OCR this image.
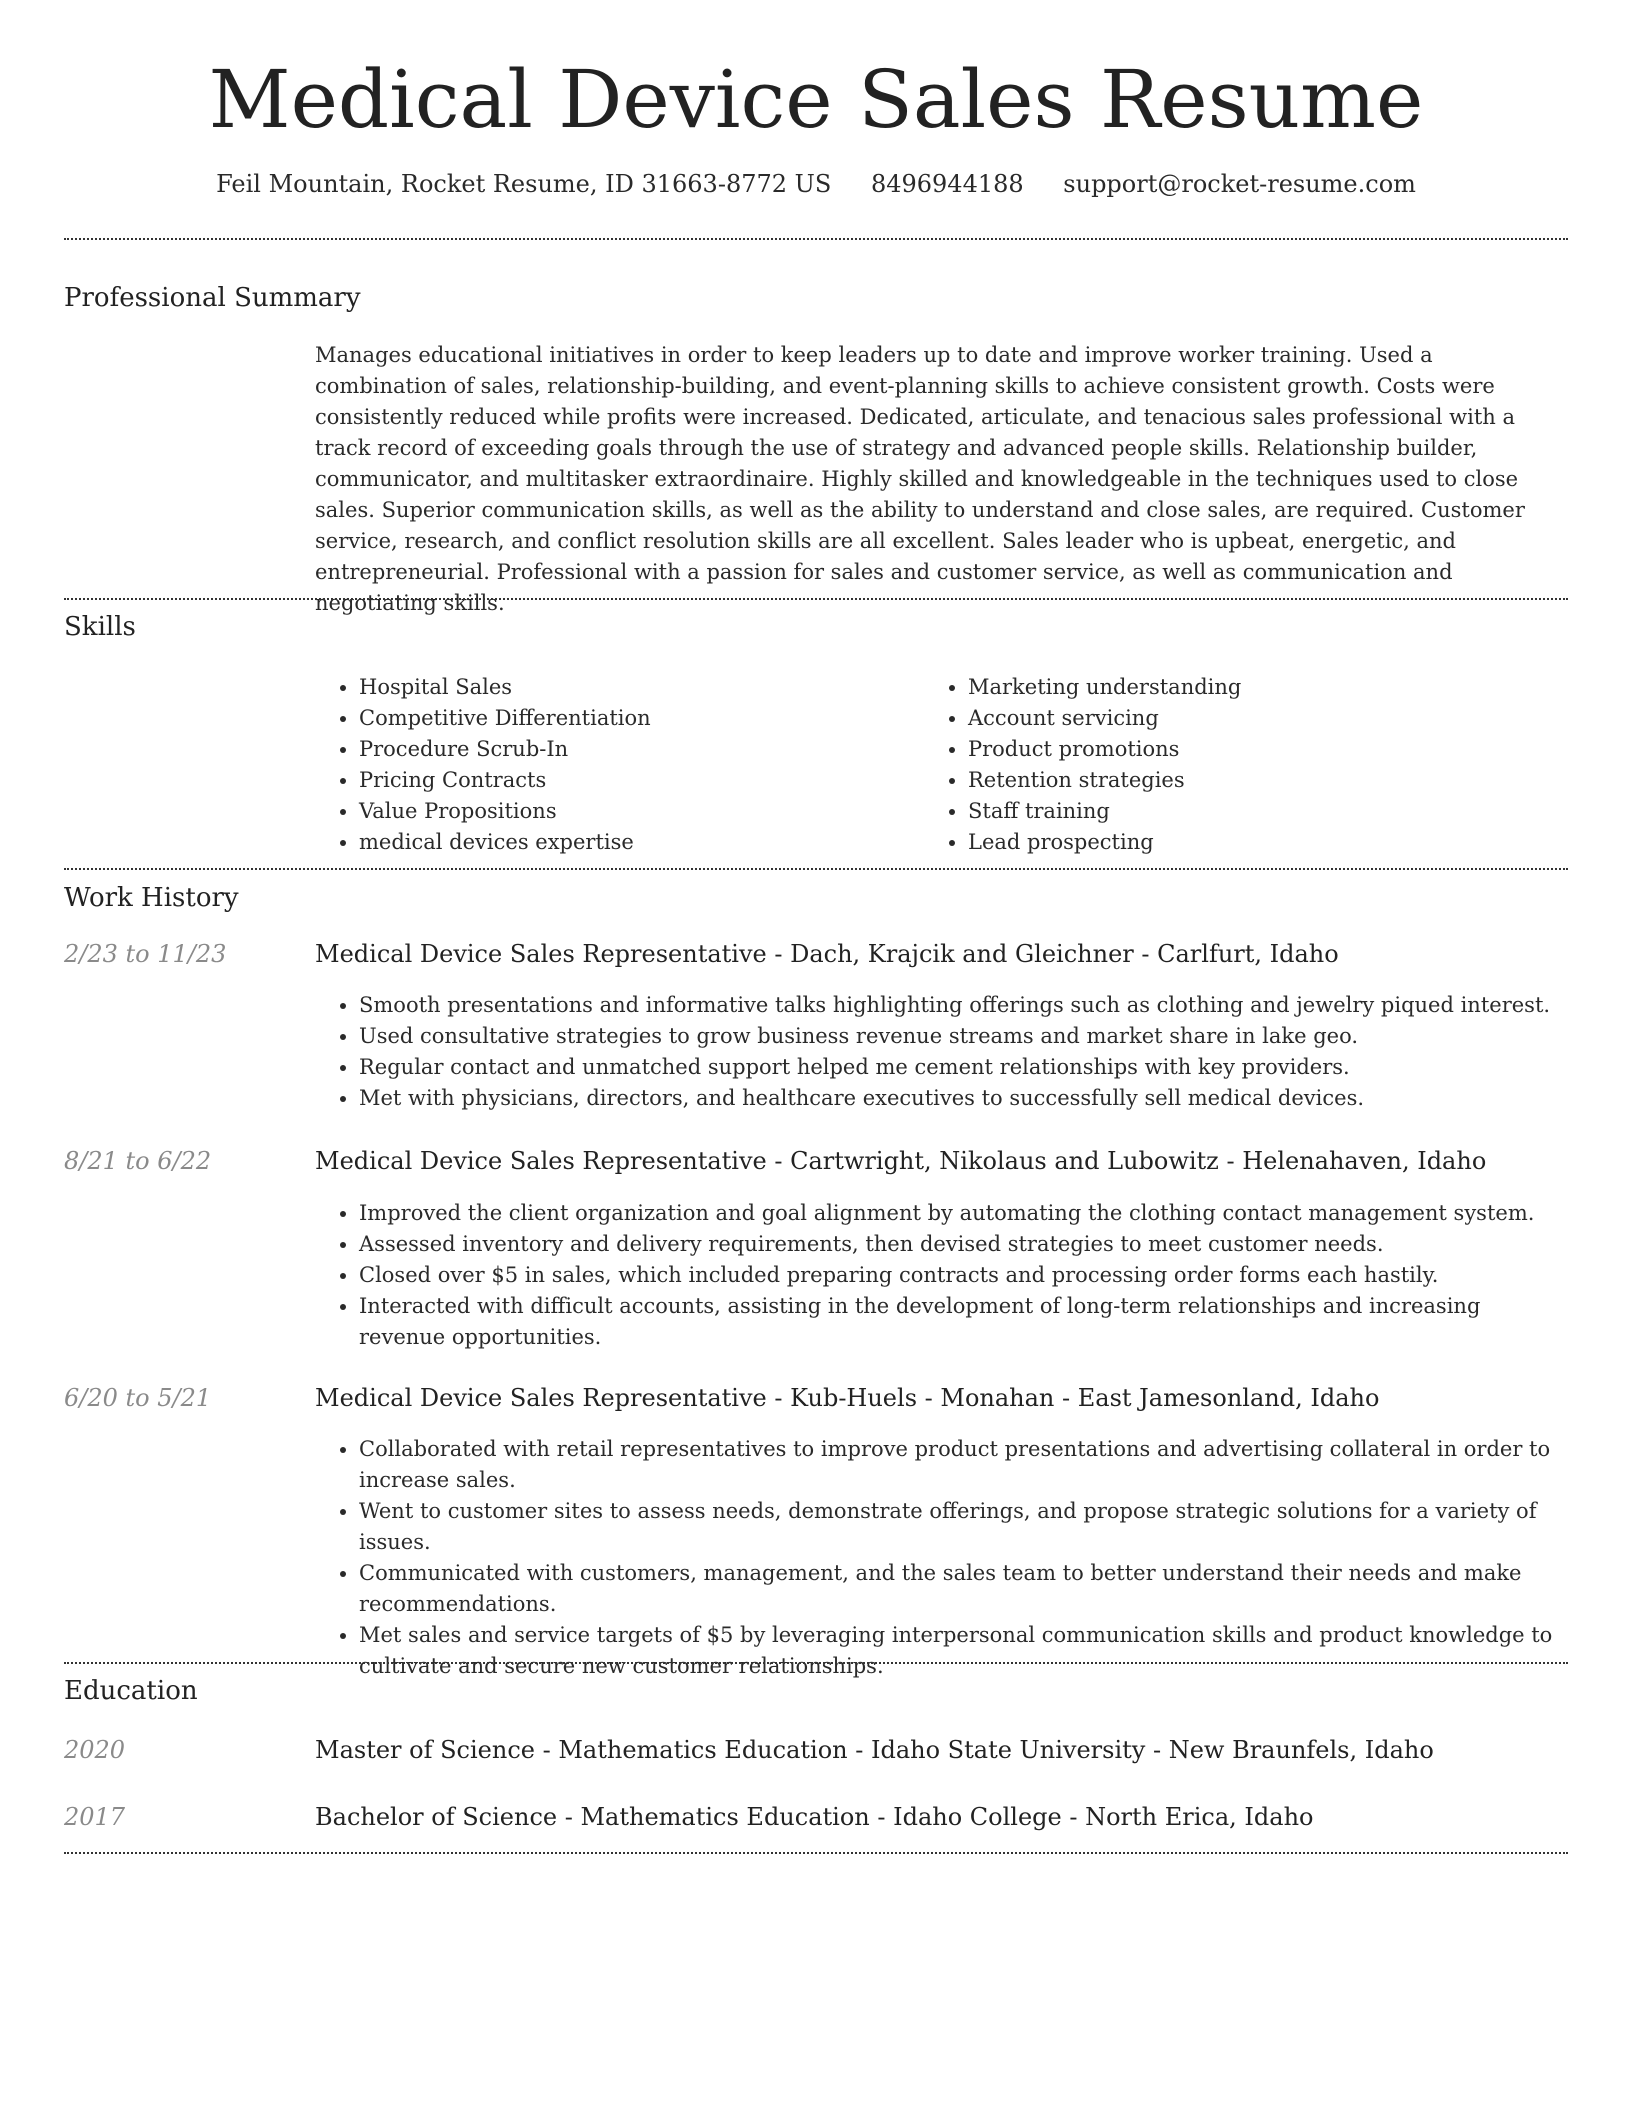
Medical Device Sales Resume
Feil Mountain, Rocket Resume, ID 31663-8772 US 8496944188 support@rocket-resume.com
Professional Summary
Manages educational initiatives in order to keep leaders up to date and improve worker training. Used a combination of sales, relationship-building, and event-planning skills to achieve consistent growth. Costs were consistently reduced while profits were increased. Dedicated, articulate, and tenacious sales professional with a track record of exceeding goals through the use of strategy and advanced people skills. Relationship builder, communicator, and multitasker extraordinaire. Highly skilled and knowledgeable in the techniques used to close sales. Superior communication skills, as well as the ability to understand and close sales, are required. Customer service, research, and conflict resolution skills are all excellent. Sales leader who is upbeat, energetic, and entrepreneurial. Professional with a passion for sales and customer service, as well as communication and negotiating skills.
Skills
• Hospital Sales
• Competitive Differentiation
• Procedure Scrub-In
• Pricing Contracts
• Value Propositions
• medical devices expertise
• Marketing understanding
• Account servicing
• Product promotions
• Retention strategies
• Staff training
• Lead prospecting
Work History
2/23 to 11/23	Medical Device Sales Representative - Dach, Krajcik and Gleichner - Carlfurt, Idaho
• Smooth presentations and informative talks highlighting offerings such as clothing and jewelry piqued interest.
• Used consultative strategies to grow business revenue streams and market share in lake geo.
• Regular contact and unmatched support helped me cement relationships with key providers.
• Met with physicians, directors, and healthcare executives to successfully sell medical devices.
8/21 to 6/22	Medical Device Sales Representative - Cartwright, Nikolaus and Lubowitz - Helenahaven, Idaho
• Improved the client organization and goal alignment by automating the clothing contact management system.
• Assessed inventory and delivery requirements, then devised strategies to meet customer needs.
• Closed over $5 in sales, which included preparing contracts and processing order forms each hastily.
• Interacted with difficult accounts, assisting in the development of long-term relationships and increasing revenue opportunities.
6/20 to 5/21	Medical Device Sales Representative - Kub-Huels - Monahan - East Jamesonland, Idaho
• Collaborated with retail representatives to improve product presentations and advertising collateral in order to increase sales.
• Went to customer sites to assess needs, demonstrate offerings, and propose strategic solutions for a variety of issues.
• Communicated with customers, management, and the sales team to better understand their needs and make recommendations.
• Met sales and service targets of $5 by leveraging interpersonal communication skills and product knowledge to cultivate and secure new customer relationships.
Education
2020	Master of Science - Mathematics Education - Idaho State University - New Braunfels, Idaho
2017	Bachelor of Science - Mathematics Education - Idaho College - North Erica, Idaho
